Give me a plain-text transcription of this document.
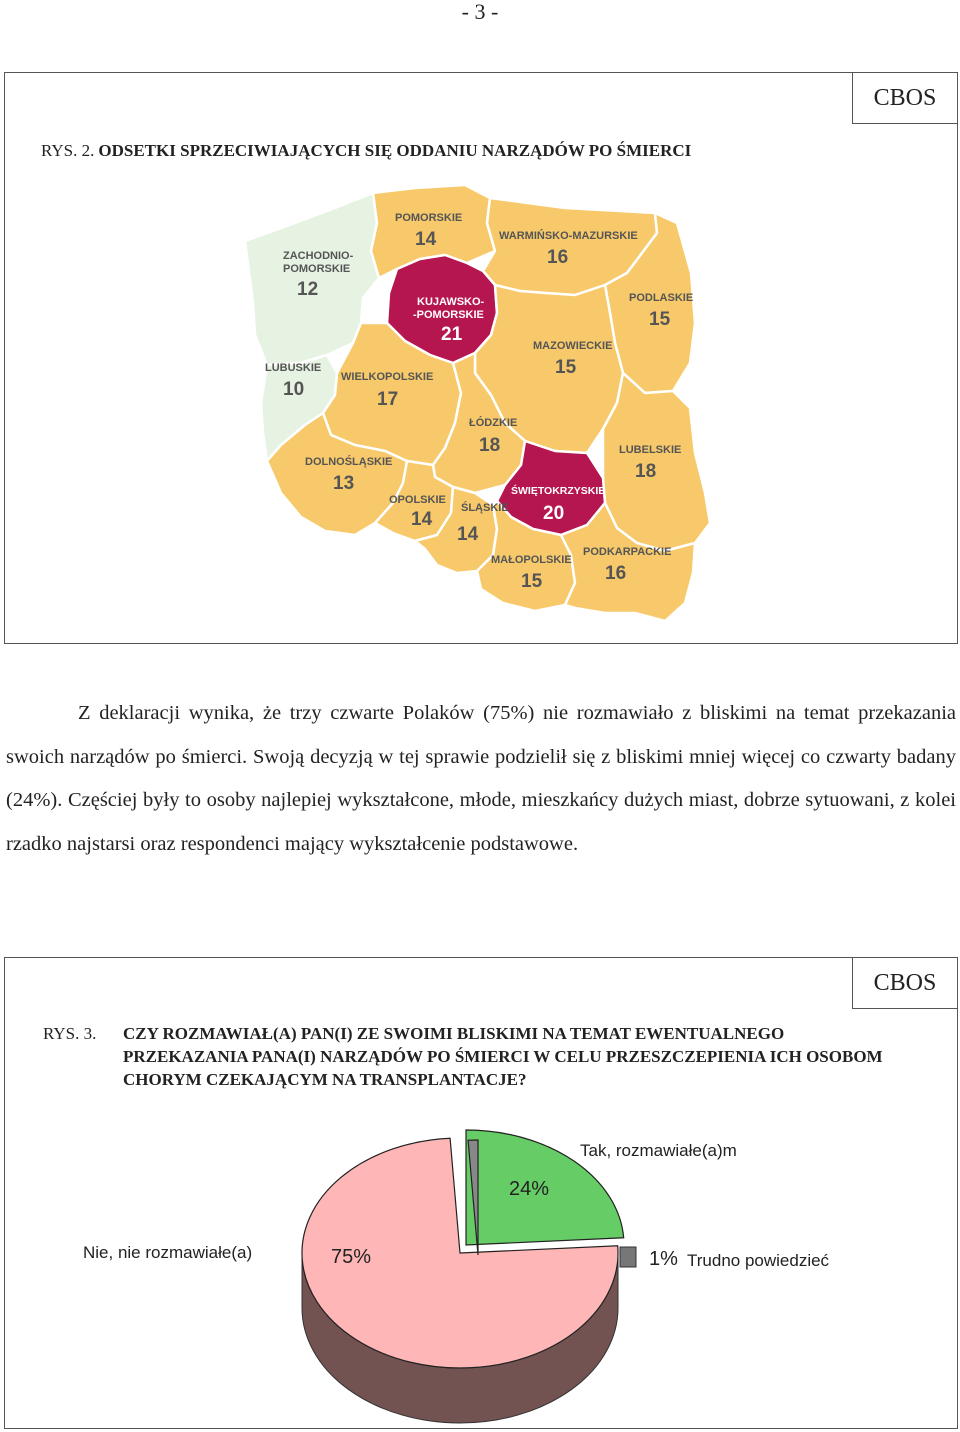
- 3 -
CBOS
RYS. 2. ODSETKI SPRZECIWIAJĄCYCH SIĘ ODDANIU NARZĄDÓW PO ŚMIERCI
ZACHODNIO-
POMORSKIE
12
POMORSKIE
14	WARMIŃSKO-MAZURSKIE
16
KUJAWSKO-
-POMORSKIE
21
PODLASKIE
15
MAZOWIECKIE
15
LUBUSKIE
10
WIELKOPOLSKIE
17
ŁÓDZKIE
18	LUBELSKIE
18
DOLNOŚLĄSKIE
13	ŚWIĘTOKRZYSKIE
20
OPOLSKIE
14
ŚLĄSKIE
14
MAŁOPOLSKIE
15
PODKARPACKIE
16

Z deklaracji wynika, że trzy czwarte Polaków (75%) nie rozmawiało z bliskimi na temat przekazania swoich narządów po śmierci. Swoją decyzją w tej sprawie podzielił się z bliskimi mniej więcej co czwarty badany (24%). Częściej były to osoby najlepiej wykształcone, młode, mieszkańcy dużych miast, dobrze sytuowani, z kolei rzadko najstarsi oraz respondenci mający wykształcenie podstawowe.

CBOS
RYS. 3. CZY ROZMAWIAŁ(A) PAN(I) ZE SWOIMI BLISKIMI NA TEMAT EWENTUALNEGO PRZEKAZANIA PANA(I) NARZĄDÓW PO ŚMIERCI W CELU PRZESZCZEPIENIA ICH OSOBOM CHORYM CZEKAJĄCYM NA TRANSPLANTACJE?
Tak, rozmawiałe(a)m
24%
Nie, nie rozmawiałe(a)	75%	1% Trudno powiedzieć
